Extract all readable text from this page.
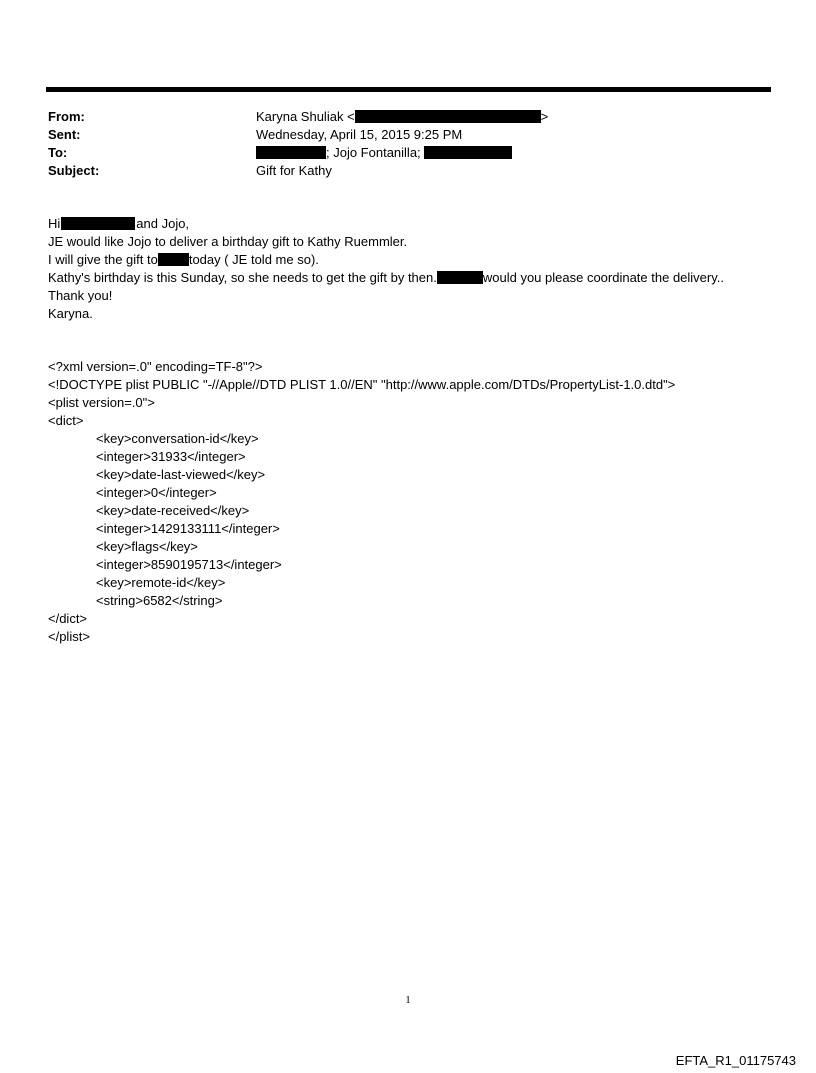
From:	Karyna Shuliak <	>
Sent:	Wednesday, April 15, 2015 9:25 PM
To:	; Jojo Fontanilla;
Subject:	Gift for Kathy
Hi	and Jojo,
JE would like Jojo to deliver a birthday gift to Kathy Ruemmler.
I will give the gift to today ( JE told me so).
Kathy's birthday is this Sunday, so she needs to get the gift by then.	would you please coordinate the delivery..
Thank you!
Karyna.
<?xml version=.0" encoding=TF-8"?>
<!DOCTYPE plist PUBLIC "-//Apple//DTD PLIST 1.0//EN" "http://www.apple.com/DTDs/PropertyList-1.0.dtd">
<plist version=.0">
<dict>
<key>conversation-id</key>
<integer>31933</integer>
<key>date-last-viewed</key>
<integer>0</integer>
<key>date-received</key>
<integer>1429133111</integer>
<key>flags</key>
<integer>8590195713</integer>
<key>remote-id</key>
<string>6582</string>
</dict>
</plist>
1
EFTA_R1_01175743
